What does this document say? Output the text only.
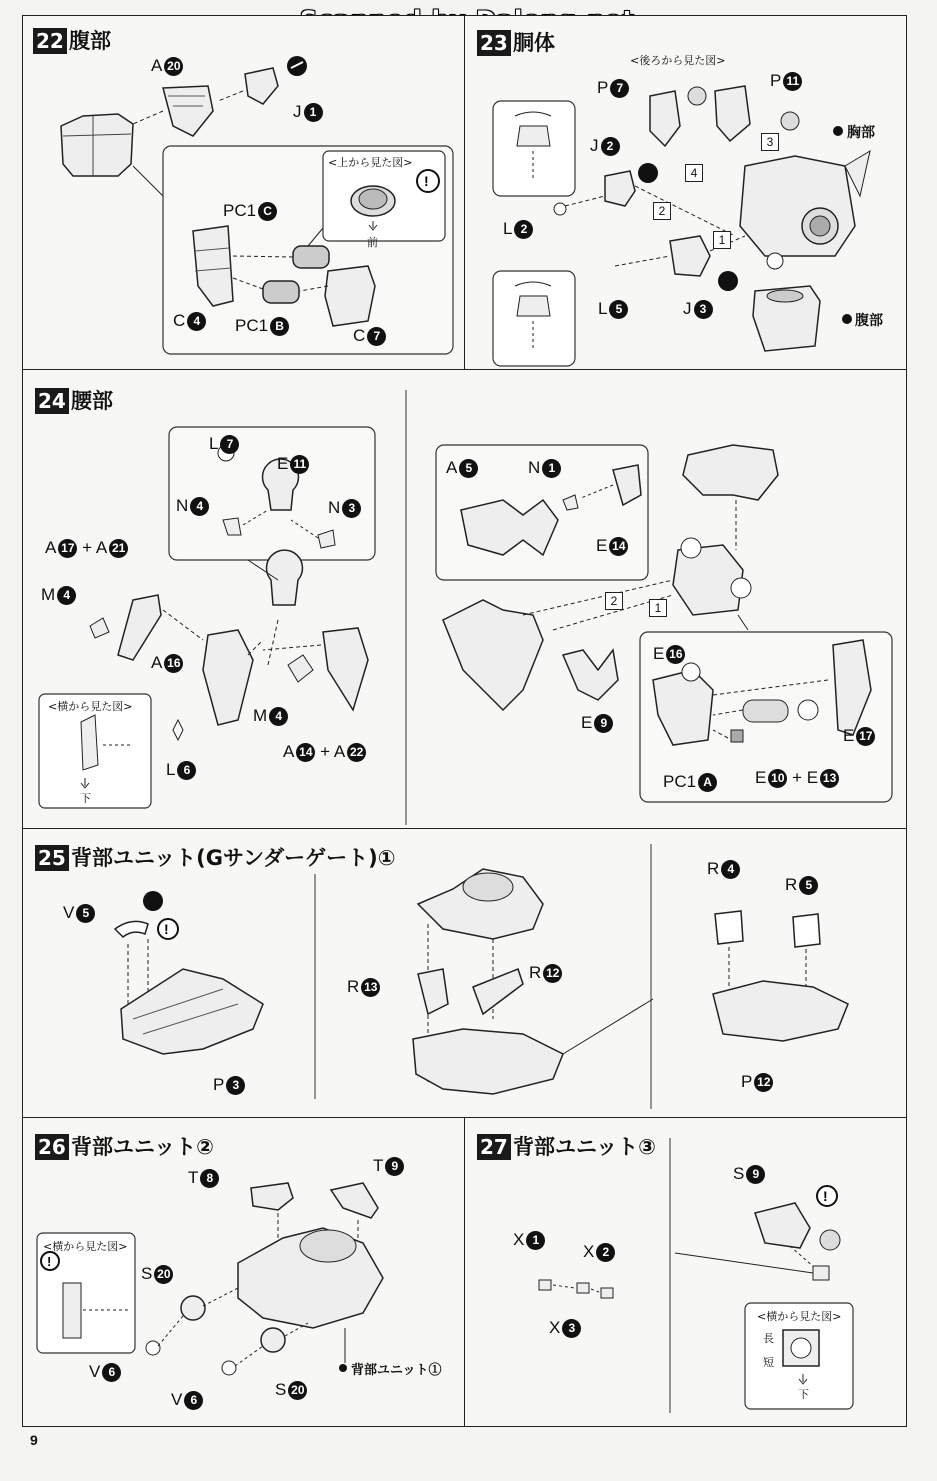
22 腹部
!
A 20
J 1
<上から見た図>
前
PC1 C
C 4	PC1 B	C 7
23 胴体
<後ろから見た図>
1
2
3
4
P 7	P 11
J 2
L 2
L 5	J 3
胸部
腹部
24 腰部
2	1
L 7
E 11
N 4	N 3
A 17 + A 21
M 4
A 16
M 4
L 6
A 14 + A 22
<横から見た図>
下
A 5	N 1
E 14
E 9
E 16
E 17
PC1 A	E 10 + E 13
25 背部ユニット(Gサンダーゲート)①
!
V 5
P 3
R 13
R 12
R 4
R 5
P 12
26 背部ユニット②
!
T 8
T 9
<横から見た図>
S 20
V 6
V 6
S 20
背部ユニット①
27 背部ユニット③
!
S 9
X 1
X 2
X 3
<横から見た図>
長
短
下
9
